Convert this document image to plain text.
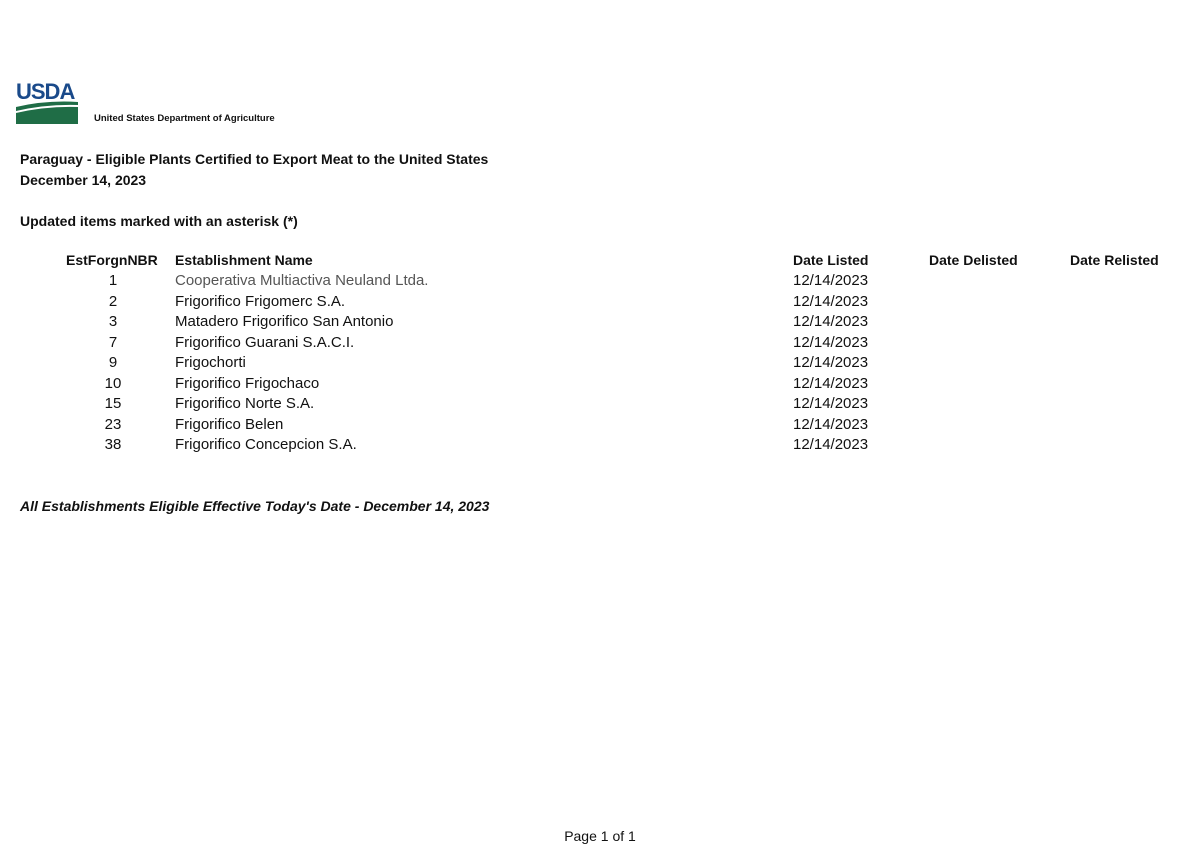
USDA
United States Department of Agriculture
Paraguay - Eligible Plants Certified to Export Meat to the United States
December 14, 2023
Updated items marked with an asterisk (*)
EstForgnNBR Establishment Name	Date Listed	Date Delisted	Date Relisted
1	Cooperativa Multiactiva Neuland Ltda.	12/14/2023
2	Frigorifico Frigomerc S.A.	12/14/2023
3	Matadero Frigorifico San Antonio	12/14/2023
7	Frigorifico Guarani S.A.C.I.	12/14/2023
9	Frigochorti	12/14/2023
10	Frigorifico Frigochaco	12/14/2023
15	Frigorifico Norte S.A.	12/14/2023
23	Frigorifico Belen	12/14/2023
38	Frigorifico Concepcion S.A.	12/14/2023
All Establishments Eligible Effective Today's Date - December 14, 2023
Page 1 of 1
